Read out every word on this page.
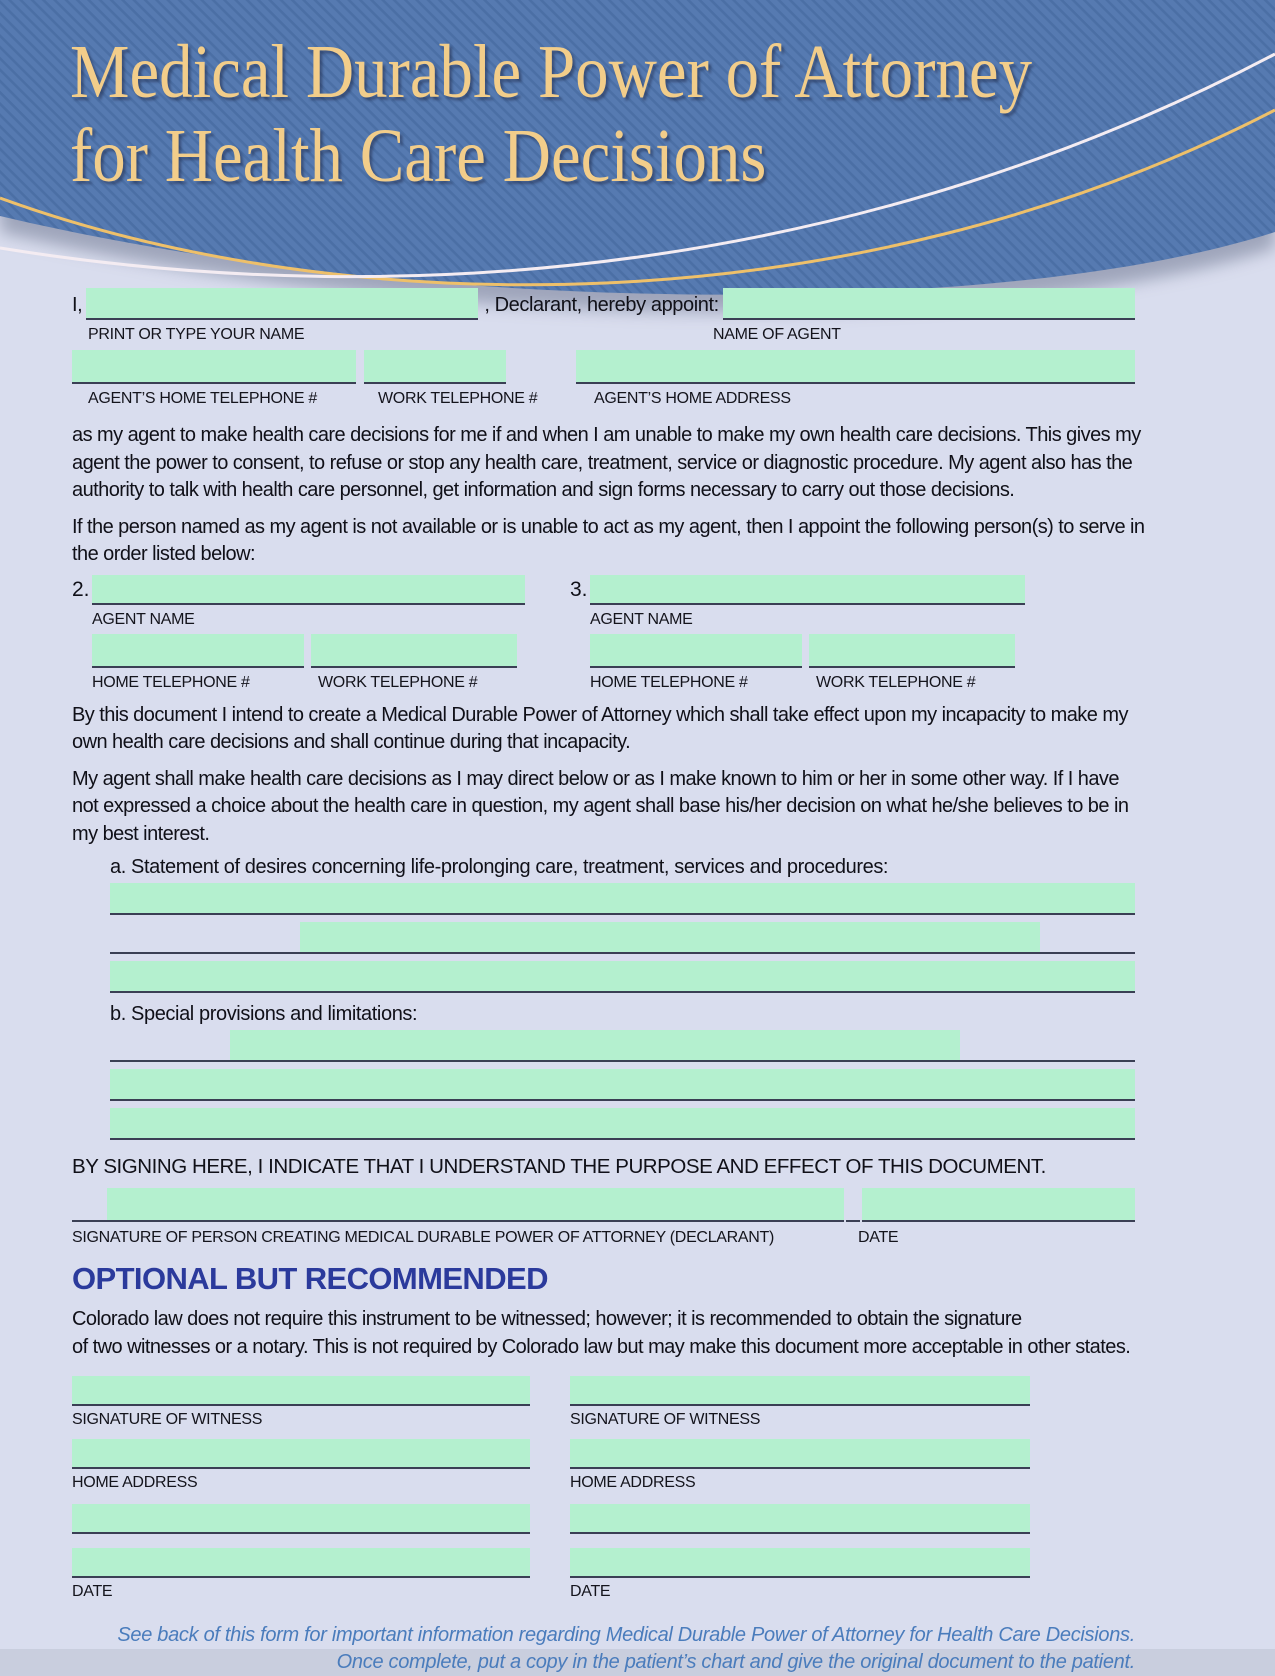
Medical Durable Power of Attorney
for Health Care Decisions
I,	, Declarant, hereby appoint:
PRINT OR TYPE YOUR NAME	NAME OF AGENT
AGENT’S HOME TELEPHONE #	WORK TELEPHONE #	AGENT’S HOME ADDRESS
as my agent to make health care decisions for me if and when I am unable to make my own health care decisions. This gives my
agent the power to consent, to refuse or stop any health care, treatment, service or diagnostic procedure. My agent also has the
authority to talk with health care personnel, get information and sign forms necessary to carry out those decisions.
If the person named as my agent is not available or is unable to act as my agent, then I appoint the following person(s) to serve in
the order listed below:
2.
AGENT NAME
HOME TELEPHONE #	WORK TELEPHONE #
3.
AGENT NAME
HOME TELEPHONE #	WORK TELEPHONE #
By this document I intend to create a Medical Durable Power of Attorney which shall take effect upon my incapacity to make my
own health care decisions and shall continue during that incapacity.
My agent shall make health care decisions as I may direct below or as I make known to him or her in some other way. If I have
not expressed a choice about the health care in question, my agent shall base his/her decision on what he/she believes to be in
my best interest.
a. Statement of desires concerning life-prolonging care, treatment, services and procedures:
b. Special provisions and limitations:
BY SIGNING HERE, I INDICATE THAT I UNDERSTAND THE PURPOSE AND EFFECT OF THIS DOCUMENT.
SIGNATURE OF PERSON CREATING MEDICAL DURABLE POWER OF ATTORNEY (DECLARANT)	DATE
OPTIONAL BUT RECOMMENDED
Colorado law does not require this instrument to be witnessed; however; it is recommended to obtain the signature
of two witnesses or a notary. This is not required by Colorado law but may make this document more acceptable in other states.
SIGNATURE OF WITNESS
HOME ADDRESS
DATE
SIGNATURE OF WITNESS
HOME ADDRESS
DATE
See back of this form for important information regarding Medical Durable Power of Attorney for Health Care Decisions.
Once complete, put a copy in the patient’s chart and give the original document to the patient.
